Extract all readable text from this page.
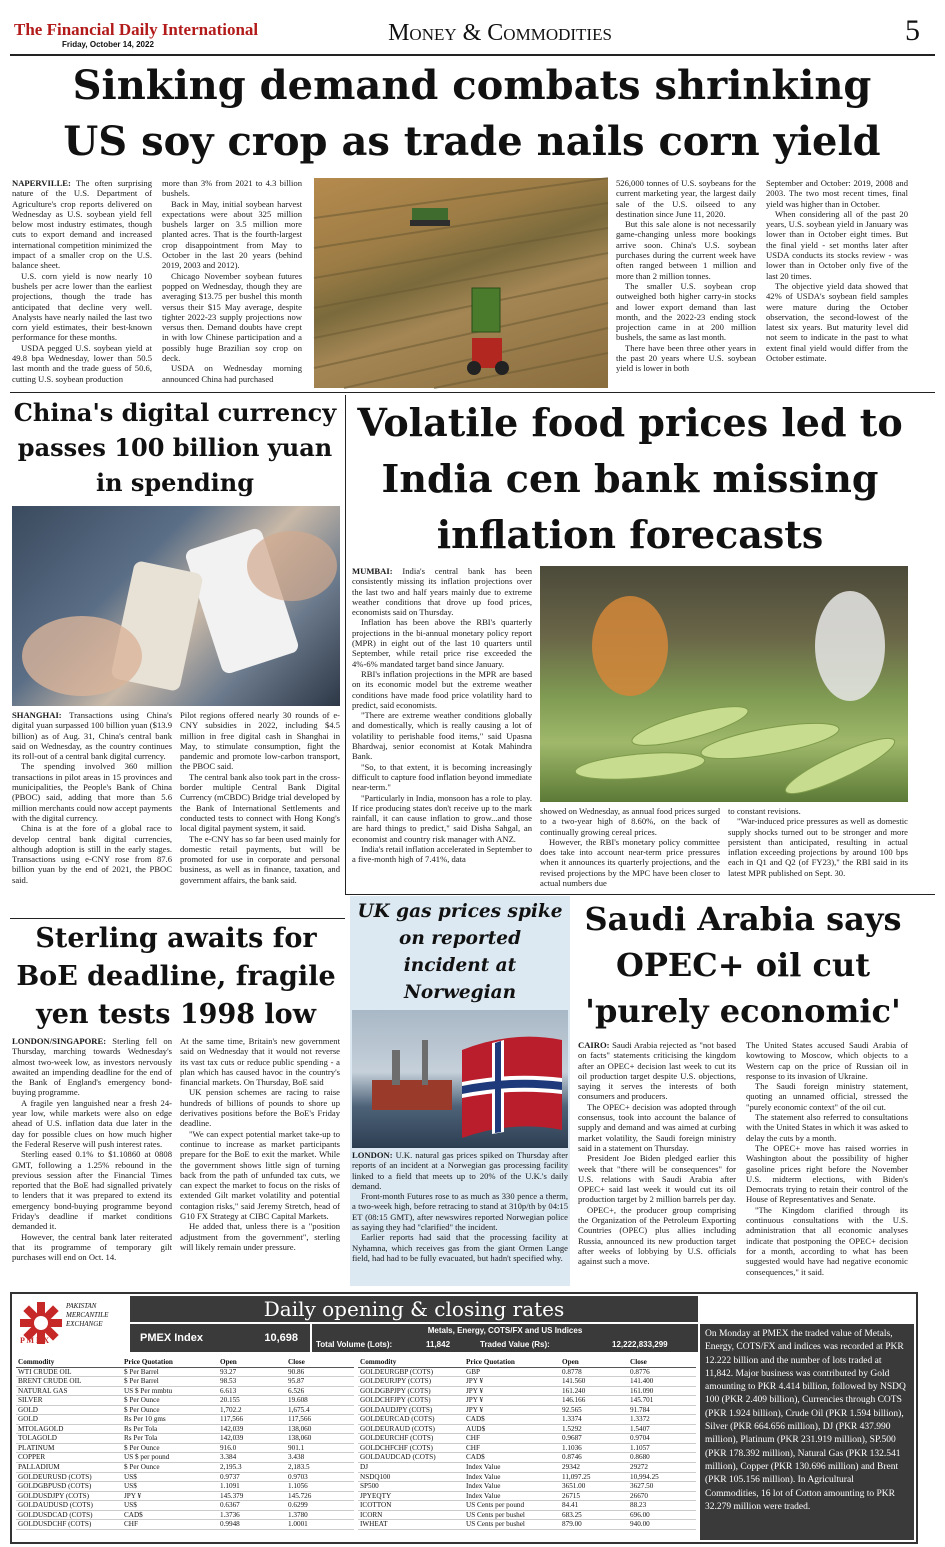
The Financial Daily International
Friday, October 14, 2022	Money & Commodities	5
Sinking demand combats shrinking US soy crop as trade nails corn yield

NAPERVILLE: The often surprising nature of the U.S. Department of Agriculture's crop reports delivered on Wednesday as U.S. soybean yield fell below most industry estimates, though cuts to export demand and increased international competition minimized the impact of a smaller crop on the U.S. balance sheet.

U.S. corn yield is now nearly 10 bushels per acre lower than the earliest projections, though the trade has anticipated that decline very well. Analysts have nearly nailed the last two corn yield estimates, their best-known performance for these months.

USDA pegged U.S. soybean yield at 49.8 bpa Wednesday, lower than 50.5 last month and the trade guess of 50.6, cutting U.S. soybean production

more than 3% from 2021 to 4.3 billion bushels.

Back in May, initial soybean harvest expectations were about 325 million bushels larger on 3.5 million more planted acres. That is the fourth-largest crop disappointment from May to October in the last 20 years (behind 2019, 2003 and 2012).

Chicago November soybean futures popped on Wednesday, though they are averaging $13.75 per bushel this month versus their $15 May average, despite tighter 2022-23 supply projections now versus then. Demand doubts have crept in with low Chinese participation and a possibly huge Brazilian soy crop on deck.

USDA on Wednesday morning announced China had purchased

526,000 tonnes of U.S. soybeans for the current marketing year, the largest daily sale of the U.S. oilseed to any destination since June 11, 2020.

But this sale alone is not necessarily game-changing unless more bookings arrive soon. China's U.S. soybean purchases during the current week have often ranged between 1 million and more than 2 million tonnes.

The smaller U.S. soybean crop outweighed both higher carry-in stocks and lower export demand than last month, and the 2022-23 ending stock projection came in at 200 million bushels, the same as last month.

There have been three other years in the past 20 years where U.S. soybean yield is lower in both

September and October: 2019, 2008 and 2003. The two most recent times, final yield was higher than in October.

When considering all of the past 20 years, U.S. soybean yield in January was lower than in October eight times. But the final yield - set months later after USDA conducts its stocks review - was lower than in October only five of the last 20 times.

The objective yield data showed that 42% of USDA's soybean field samples were mature during the October observation, the second-lowest of the latest six years. But maturity level did not seem to indicate in the past to what extent final yield would differ from the October estimate.

China's digital currency passes 100 billion yuan in spending

SHANGHAI: Transactions using China's digital yuan surpassed 100 billion yuan ($13.9 billion) as of Aug. 31, China's central bank said on Wednesday, as the country continues its roll-out of a central bank digital currency.

The spending involved 360 million transactions in pilot areas in 15 provinces and municipalities, the People's Bank of China (PBOC) said, adding that more than 5.6 million merchants could now accept payments with the digital currency.

China is at the fore of a global race to develop central bank digital currencies, although adoption is still in the early stages. Transactions using e-CNY rose from 87.6 billion yuan by the end of 2021, the PBOC said.

Pilot regions offered nearly 30 rounds of e-CNY subsidies in 2022, including $4.5 million in free digital cash in Shanghai in May, to stimulate consumption, fight the pandemic and promote low-carbon transport, the PBOC said.

The central bank also took part in the cross-border multiple Central Bank Digital Currency (mCBDC) Bridge trial developed by the Bank of International Settlements and conducted tests to connect with Hong Kong's local digital payment system, it said.

The e-CNY has so far been used mainly for domestic retail payments, but will be promoted for use in corporate and personal business, as well as in finance, taxation, and government affairs, the bank said.

Volatile food prices led to India cen bank missing inflation forecasts

MUMBAI: India's central bank has been consistently missing its inflation projections over the last two and half years mainly due to extreme weather conditions that drove up food prices, economists said on Thursday.

Inflation has been above the RBI's quarterly projections in the bi-annual monetary policy report (MPR) in eight out of the last 10 quarters until September, while retail price rise exceeded the 4%-6% mandated target band since January.

RBI's inflation projections in the MPR are based on its economic model but the extreme weather conditions have made food price volatility hard to predict, said economists.

"There are extreme weather conditions globally and domestically, which is really causing a lot of volatility to perishable food items," said Upasna Bhardwaj, senior economist at Kotak Mahindra Bank.

"So, to that extent, it is becoming increasingly difficult to capture food inflation beyond immediate near-term."

"Particularly in India, monsoon has a role to play. If rice producing states don't receive up to the mark rainfall, it can cause inflation to grow...and those are hard things to predict," said Disha Sahgal, an economist and country risk manager with ANZ.

India's retail inflation accelerated in September to a five-month high of 7.41%, data

showed on Wednesday, as annual food prices surged to a two-year high of 8.60%, on the back of continually growing cereal prices.

However, the RBI's monetary policy committee does take into account near-term price pressures when it announces its quarterly projections, and the revised projections by the MPC have been closer to actual numbers due

to constant revisions.

"War-induced price pressures as well as domestic supply shocks turned out to be stronger and more persistent than anticipated, resulting in actual inflation exceeding projections by around 100 bps each in Q1 and Q2 (of FY23)," the RBI said in its latest MPR published on Sept. 30.

Sterling awaits for BoE deadline, fragile yen tests 1998 low

LONDON/SINGAPORE: Sterling fell on Thursday, marching towards Wednesday's almost two-week low, as investors nervously awaited an impending deadline for the end of the Bank of England's emergency bond-buying programme.

A fragile yen languished near a fresh 24-year low, while markets were also on edge ahead of U.S. inflation data due later in the day for possible clues on how much higher the Federal Reserve will push interest rates.

Sterling eased 0.1% to $1.10860 at 0808 GMT, following a 1.25% rebound in the previous session after the Financial Times reported that the BoE had signalled privately to lenders that it was prepared to extend its emergency bond-buying programme beyond Friday's deadline if market conditions demanded it.

However, the central bank later reiterated that its programme of temporary gilt purchases will end on Oct. 14.

At the same time, Britain's new government said on Wednesday that it would not reverse its vast tax cuts or reduce public spending - a plan which has caused havoc in the country's financial markets. On Thursday, BoE said

UK pension schemes are racing to raise hundreds of billions of pounds to shore up derivatives positions before the BoE's Friday deadline.

"We can expect potential market take-up to continue to increase as market participants prepare for the BoE to exit the market. While the government shows little sign of turning back from the path of unfunded tax cuts, we can expect the market to focus on the risks of extended Gilt market volatility and potential contagion risks," said Jeremy Stretch, head of G10 FX Strategy at CIBC Capital Markets.

He added that, unless there is a "position adjustment from the government", sterling will likely remain under pressure.

UK gas prices spike on reported incident at Norwegian

LONDON: U.K. natural gas prices spiked on Thursday after reports of an incident at a Norwegian gas processing facility linked to a field that meets up to 20% of the U.K.'s daily demand.

Front-month Futures rose to as much as 330 pence a therm, a two-week high, before retracing to stand at 310p/th by 04:15 ET (08:15 GMT), after newswires reported Norwegian police as saying they had "clarified" the incident.

Earlier reports had said that the processing facility at Nyhamna, which receives gas from the giant Ormen Lange field, had had to be fully evacuated, but hadn't specified why.

Saudi Arabia says OPEC+ oil cut 'purely economic'

CAIRO: Saudi Arabia rejected as "not based on facts" statements criticising the kingdom after an OPEC+ decision last week to cut its oil production target despite U.S. objections, saying it serves the interests of both consumers and producers.

The OPEC+ decision was adopted through consensus, took into account the balance of supply and demand and was aimed at curbing market volatility, the Saudi foreign ministry said in a statement on Thursday.

President Joe Biden pledged earlier this week that "there will be consequences" for U.S. relations with Saudi Arabia after OPEC+ said last week it would cut its oil production target by 2 million barrels per day.

OPEC+, the producer group comprising the Organization of the Petroleum Exporting Countries (OPEC) plus allies including Russia, announced its new production target after weeks of lobbying by U.S. officials against such a move.

The United States accused Saudi Arabia of kowtowing to Moscow, which objects to a Western cap on the price of Russian oil in response to its invasion of Ukraine.

The Saudi foreign ministry statement, quoting an unnamed official, stressed the "purely economic context" of the oil cut.

The statement also referred to consultations with the United States in which it was asked to delay the cuts by a month.

The OPEC+ move has raised worries in Washington about the possibility of higher gasoline prices right before the November U.S. midterm elections, with Biden's Democrats trying to retain their control of the House of Representatives and Senate.

"The Kingdom clarified through its continuous consultations with the U.S. administration that all economic analyses indicate that postponing the OPEC+ decision for a month, according to what has been suggested would have had negative economic consequences," it said.

PAKISTAN MERCANTILE EXCHANGE
P M E X
Daily opening & closing rates
PMEX Index	10,698
Metals, Energy, COTS/FX and US Indices
Total Volume (Lots):	11,842	Traded Value (Rs):	12,222,833,299
Commodity	Price Quotation	Open	Close
WTI CRUDE OIL	$ Per Barrel	93.27	90.86
BRENT CRUDE OIL	$ Per Barrel	98.53	95.87
NATURAL GAS	US $ Per mmbtu	6.613	6.526
SILVER	$ Per Ounce	20.155	19.608
GOLD	$ Per Ounce	1,702.2	1,675.4
GOLD	Rs Per 10 gms	117,566	117,566
MTOLAGOLD	Rs Per Tola	142,039	138,060
TOLAGOLD	Rs Per Tola	142,039	138,060
PLATINUM	$ Per Ounce	916.0	901.1
COPPER	US $ per pound	3.384	3.438
PALLADIUM	$ Per Ounce	2,195.3	2,183.5
GOLDEURUSD (COTS)	US$	0.9737	0.9703
GOLDGBPUSD (COTS)	US$	1.1091	1.1056
GOLDUSDJPY (COTS)	JPY ¥	145.379	145.726
GOLDAUDUSD (COTS)	US$	0.6367	0.6299
GOLDUSDCAD (COTS)	CAD$	1.3736	1.3780
GOLDUSDCHF (COTS)	CHF	0.9948	1.0001
Commodity	Price Quotation	Open	Close
GOLDEURGBP (COTS)	GBP	0.8778	0.8776
GOLDEURJPY (COTS)	JPY ¥	141.560	141.400
GOLDGBPJPY (COTS)	JPY ¥	161.240	161.090
GOLDCHFJPY (COTS)	JPY ¥	146.166	145.701
GOLDAUDJPY (COTS)	JPY ¥	92.565	91.784
GOLDEURCAD (COTS)	CAD$	1.3374	1.3372
GOLDEURAUD (COTS)	AUD$	1.5292	1.5407
GOLDEURCHF (COTS)	CHF	0.9687	0.9704
GOLDCHFCHF (COTS)	CHF	1.1036	1.1057
GOLDAUDCAD (COTS)	CAD$	0.8746	0.8680
DJ	Index Value	29342	29272
NSDQ100	Index Value	11,097.25	10,994.25
SP500	Index Value	3651.00	3627.50
JPYEQTY	Index Value	26715	26670
ICOTTON	US Cents per pound	84.41	88.23
ICORN	US Cents per bushel	683.25	696.00
IWHEAT	US Cents per bushel	879.00	940.00
On Monday at PMEX the traded value of Metals, Energy, COTS/FX and indices was recorded at PKR 12.222 billion and the number of lots traded at 11,842. Major business was contributed by Gold amounting to PKR 4.414 billion, followed by NSDQ 100 (PKR 2.409 billion), Currencies through COTS (PKR 1.924 billion), Crude Oil (PKR 1.594 billion), Silver (PKR 664.656 million), DJ (PKR 437.990 million), Platinum (PKR 231.919 million), SP.500 (PKR 178.392 million), Natural Gas (PKR 132.541 million), Copper (PKR 130.696 million) and Brent (PKR 105.156 million). In Agricultural Commodities, 16 lot of Cotton amounting to PKR 32.279 million were traded.
